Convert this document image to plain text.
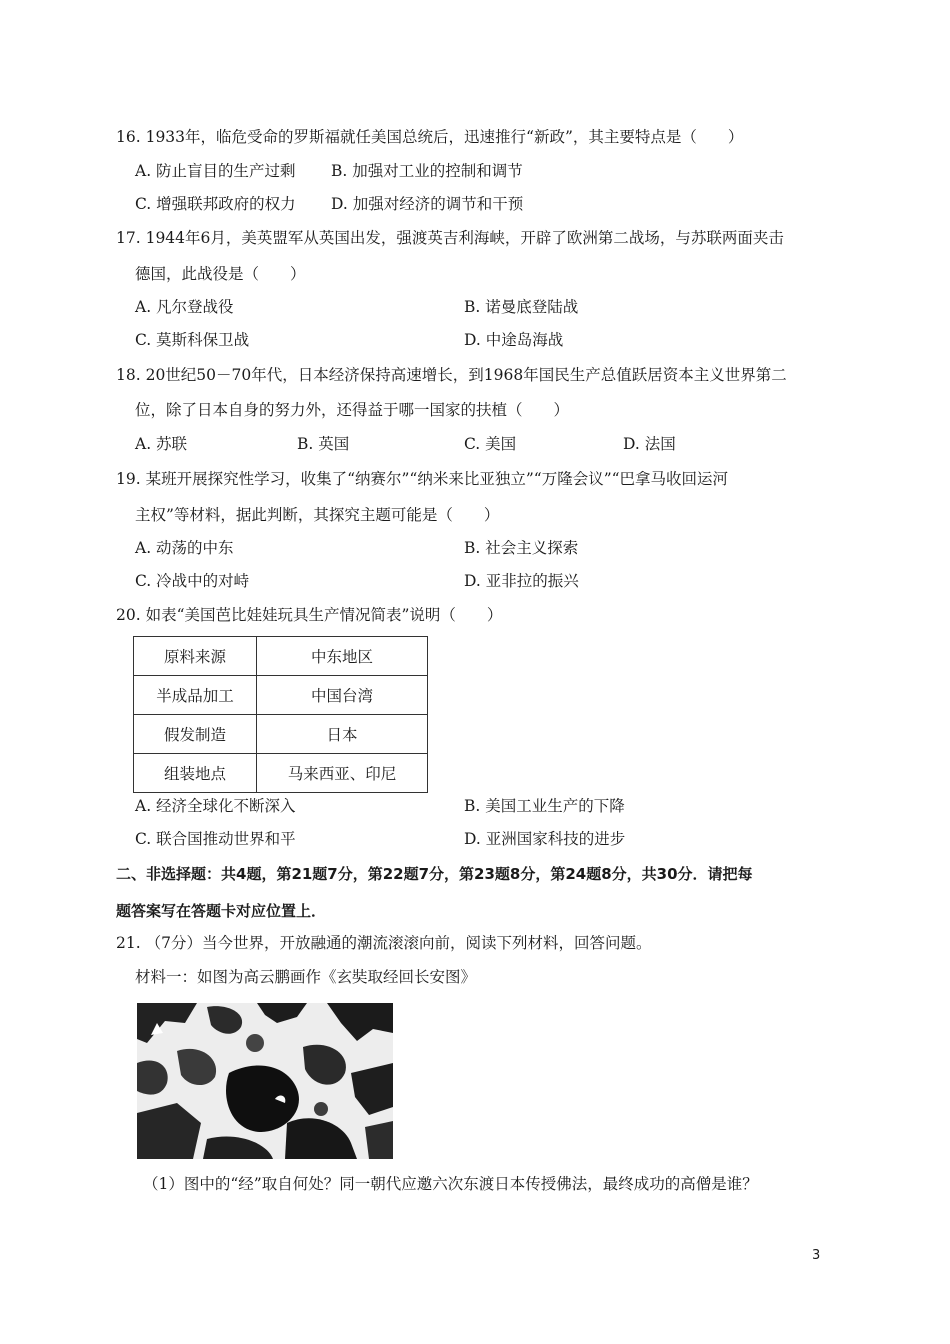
16. 1933年，临危受命的罗斯福就任美国总统后，迅速推行“新政”，其主要特点是（　　）
A. 防止盲目的生产过剩 B. 加强对工业的控制和调节
C. 增强联邦政府的权力 D. 加强对经济的调节和干预
17. 1944年6月，美英盟军从英国出发，强渡英吉利海峡，开辟了欧洲第二战场，与苏联两面夹击
德国，此战役是（　　）
A. 凡尔登战役	B. 诺曼底登陆战
C. 莫斯科保卫战	D. 中途岛海战
18. 20世纪50－70年代，日本经济保持高速增长，到1968年国民生产总值跃居资本主义世界第二
位，除了日本自身的努力外，还得益于哪一国家的扶植（　　）
A. 苏联	B. 英国	C. 美国	D. 法国
19. 某班开展探究性学习，收集了“纳赛尔”“纳米来比亚独立”“万隆会议”“巴拿马收回运河
主权”等材料，据此判断，其探究主题可能是（　　）
A. 动荡的中东	B. 社会主义探索
C. 冷战中的对峙	D. 亚非拉的振兴
20. 如表“美国芭比娃娃玩具生产情况简表”说明（　　）
原料来源	中东地区
半成品加工	中国台湾
假发制造	日本
组装地点	马来西亚、印尼
A. 经济全球化不断深入	B. 美国工业生产的下降
C. 联合国推动世界和平	D. 亚洲国家科技的进步
二、非选择题：共4题，第21题7分，第22题7分，第23题8分，第24题8分，共30分．请把每
题答案写在答题卡对应位置上．
21. （7分）当今世界，开放融通的潮流滚滚向前，阅读下列材料，回答问题。
材料一：如图为高云鹏画作《玄奘取经回长安图》
（1）图中的“经”取自何处？同一朝代应邀六次东渡日本传授佛法，最终成功的高僧是谁？
3
